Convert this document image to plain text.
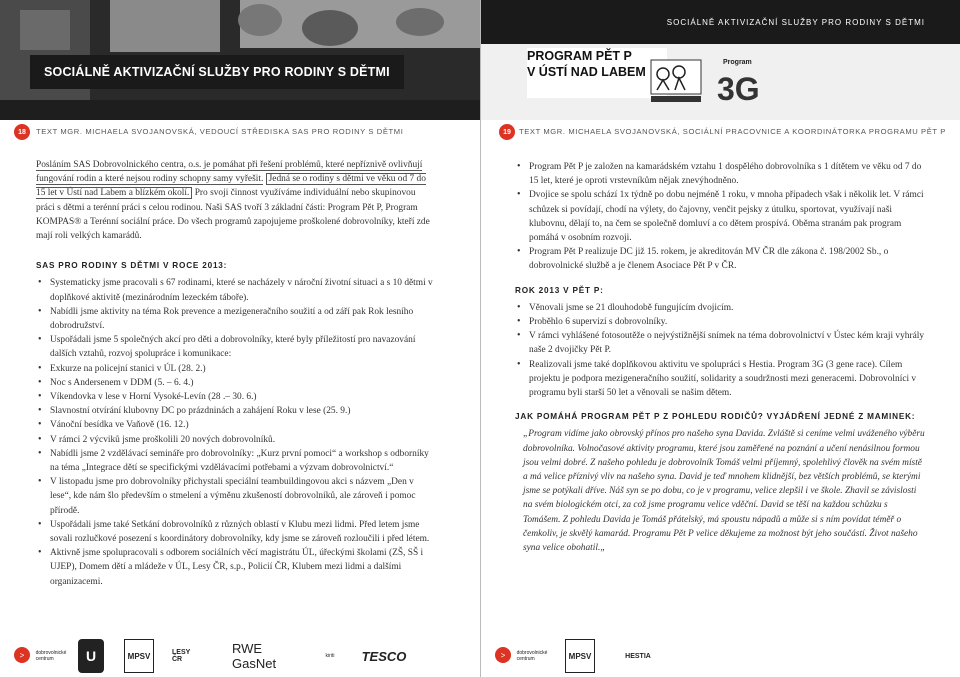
SOCIÁLNĚ AKTIVIZAČNÍ SLUŽBY PRO RODINY S DĚTMI
18	TEXT MGR. MICHAELA SVOJANOVSKÁ, VEDOUCÍ STŘEDISKA SAS PRO RODINY S DĚTMI

Posláním SAS Dobrovolnického centra, o.s. je pomáhat při řešení problémů, které nepříznivě ovlivňují fungování rodin a které nejsou rodiny schopny samy vyřešit. Jedná se o rodiny s dětmi ve věku od 7 do 15 let v Ústí nad Labem a blízkém okolí. Pro svoji činnost využíváme individuální nebo skupinovou práci s dětmi a terénní práci s celou rodinou. Naši SAS tvoří 3 základní části: Program Pět P, Program KOMPAS® a Terénní sociální práce. Do všech programů zapojujeme proškolené dobrovolníky, kteří zde mají roli velkých kamarádů.

SAS PRO RODINY S DĚTMI V ROCE 2013:
• Systematicky jsme pracovali s 67 rodinami, které se nacházely v nároční životní situaci a s 10 dětmi v doplňkové aktivitě (mezinárodním lezeckém táboře).
• Nabídli jsme aktivity na téma Rok prevence a mezigeneračního soužití a od září pak Rok lesního dobrodružství.
• Uspořádali jsme 5 společných akcí pro děti a dobrovolníky, které byly příležitostí pro navazování dalších vztahů, rozvoj spolupráce i komunikace:
• Exkurze na policejní stanici v ÚL (28. 2.)
• Noc s Andersenem v DDM (5. – 6. 4.)
• Víkendovka v lese v Horní Vysoké-Levín (28 .– 30. 6.)
• Slavnostní otvírání klubovny DC po prázdninách a zahájení Roku v lese (25. 9.)
• Vánoční besídka ve Vaňově (16. 12.)
• V rámci 2 výcviků jsme proškolili 20 nových dobrovolníků.
• Nabídli jsme 2 vzdělávací semináře pro dobrovolníky: „Kurz první pomoci“ a workshop s odborníky na téma „Integrace dětí se specifickými vzdělávacími potřebami a výzvam dobrovolnictví.“
• V listopadu jsme pro dobrovolníky přichystali speciální teambuildingovou akci s názvem „Den v lese“, kde nám šlo především o stmelení a výměnu zkušeností dobrovolníků, ale zároveň i pomoc přírodě.
• Uspořádali jsme také Setkání dobrovolníků z různých oblastí v Klubu mezi lidmi. Před letem jsme sovali rozlučkové posezení s koordinátory dobrovolníky, kdy jsme se zároveň rozloučili i před létem.
• Aktivně jsme spolupracovali s odborem sociálních věcí magistrátu ÚL, úřeckými školami (ZŠ, SŠ i UJEP), Domem dětí a mládeže v ÚL, Lesy ČR, s.p., Policií ČR, Klubem mezi lidmi a dalšími organizacemi.
>	dobrovolnické centrum	U	MPSV	LESY ČR
RWE GasNet	kiriti TESCO
SOCIÁLNĚ AKTIVIZAČNÍ SLUŽBY PRO RODINY S DĚTMI
PROGRAM PĚT P
V ÚSTÍ NAD LABEM
Program
3G
19	TEXT MGR. MICHAELA SVOJANOVSKÁ, SOCIÁLNÍ PRACOVNICE A KOORDINÁTORKA PROGRAMU PĚT P
• Program Pět P je založen na kamarádském vztahu 1 dospělého dobrovolníka s 1 dítětem ve věku od 7 do 15 let, které je oproti vrstevníkům nějak znevýhodněno.
• Dvojice se spolu schází 1x týdně po dobu nejméně 1 roku, v mnoha případech však i několik let. V rámci schůzek si povídají, chodí na výlety, do čajovny, venčit pejsky z útulku, sportovat, využívají naši klubovnu, dělají to, na čem se společně domluví a co dětem prospívá. Oběma stranám pak program pomáhá v osobním rozvoji.
• Program Pět P realizuje DC již 15. rokem, je akreditován MV ČR dle zákona č. 198/2002 Sb., o dobrovolnické službě a je členem Asociace Pět P v ČR.
ROK 2013 V PĚT P:
• Věnovali jsme se 21 dlouhodobě fungujícím dvojicím.
• Proběhlo 6 supervizí s dobrovolníky.
• V rámci vyhlášené fotosoutěže o nejvýstižnější snímek na téma dobrovolnictví v Ústec kém kraji vyhrály naše 2 dvojičky Pět P.
• Realizovali jsme také doplňkovou aktivitu ve spolupráci s Hestia. Program 3G (3 gene race). Cílem projektu je podpora mezigeneračního soužití, solidarity a soudržnosti mezi generacemi. Dobrovolníci v programu byli starší 50 let a věnovali se našim dětem.
JAK POMÁHÁ PROGRAM PĚT P Z POHLEDU RODIČŮ? VYJÁDŘENÍ JEDNÉ Z MAMINEK:

„Program vidíme jako obrovský přínos pro našeho syna Davida. Zvláště si ceníme velmi uváženého výběru dobrovolníka. Volnočasové aktivity programu, které jsou zaměřené na poznání a učení nenásilnou formou jsou velmi dobré. Z našeho pohledu je dobrovolník Tomáš velmi příjemný, spolehlivý člověk na svém místě a má velice příznivý vliv na našeho syna. David je teď mnohem klidnější, bez větších problémů, se kterými jsme se potýkali dříve. Náš syn se po dobu, co je v programu, velice zlepšil i ve škole. Zhavil se závislosti na svém biologickém otci, za což jsme programu velice vděční. David se těší na každou schůzku s Tomášem. Z pohledu Davida je Tomáš přátelský, má spoustu nápadů a může si s ním povídat téměř o čemkoliv, je skvělý kamarád. Programu Pět P velice děkujeme za možnost být jeho součástí. Život našeho syna velice obohatil.„

>	dobrovolnické centrum	MPSV	HESTIA
